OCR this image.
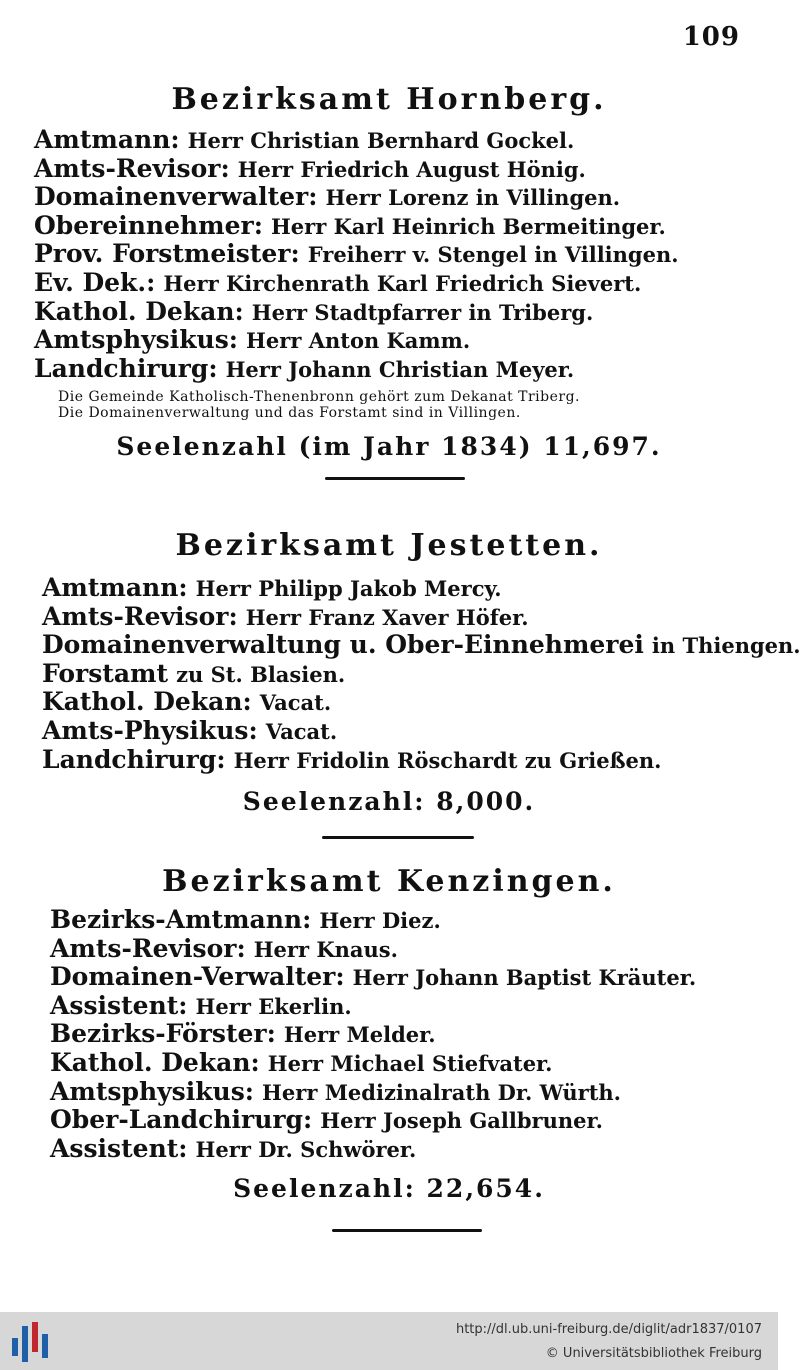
109
Bezirksamt Hornberg.
Amtmann: Herr Christian Bernhard Gockel.
Amts-Revisor: Herr Friedrich August Hönig.
Domainenverwalter: Herr Lorenz in Villingen.
Obereinnehmer: Herr Karl Heinrich Bermeitinger.
Prov. Forstmeister: Freiherr v. Stengel in Villingen.
Ev. Dek.: Herr Kirchenrath Karl Friedrich Sievert.
Kathol. Dekan: Herr Stadtpfarrer in Triberg.
Amtsphysikus: Herr Anton Kamm.
Landchirurg: Herr Johann Christian Meyer.
Die Gemeinde Katholisch-Thenenbronn gehört zum Dekanat Triberg.
Die Domainenverwaltung und das Forstamt sind in Villingen.
Seelenzahl (im Jahr 1834) 11,697.
Bezirksamt Jestetten.
Amtmann: Herr Philipp Jakob Mercy.
Amts-Revisor: Herr Franz Xaver Höfer.
Domainenverwaltung u. Ober-Einnehmerei in Thiengen.
Forstamt zu St. Blasien.
Kathol. Dekan: Vacat.
Amts-Physikus: Vacat.
Landchirurg: Herr Fridolin Röschardt zu Grießen.
Seelenzahl: 8,000.
Bezirksamt Kenzingen.
Bezirks-Amtmann: Herr Diez.
Amts-Revisor: Herr Knaus.
Domainen-Verwalter: Herr Johann Baptist Kräuter.
Assistent: Herr Ekerlin.
Bezirks-Förster: Herr Melder.
Kathol. Dekan: Herr Michael Stiefvater.
Amtsphysikus: Herr Medizinalrath Dr. Würth.
Ober-Landchirurg: Herr Joseph Gallbruner.
Assistent: Herr Dr. Schwörer.
Seelenzahl: 22,654.
http://dl.ub.uni-freiburg.de/diglit/adr1837/0107
© Universitätsbibliothek Freiburg
